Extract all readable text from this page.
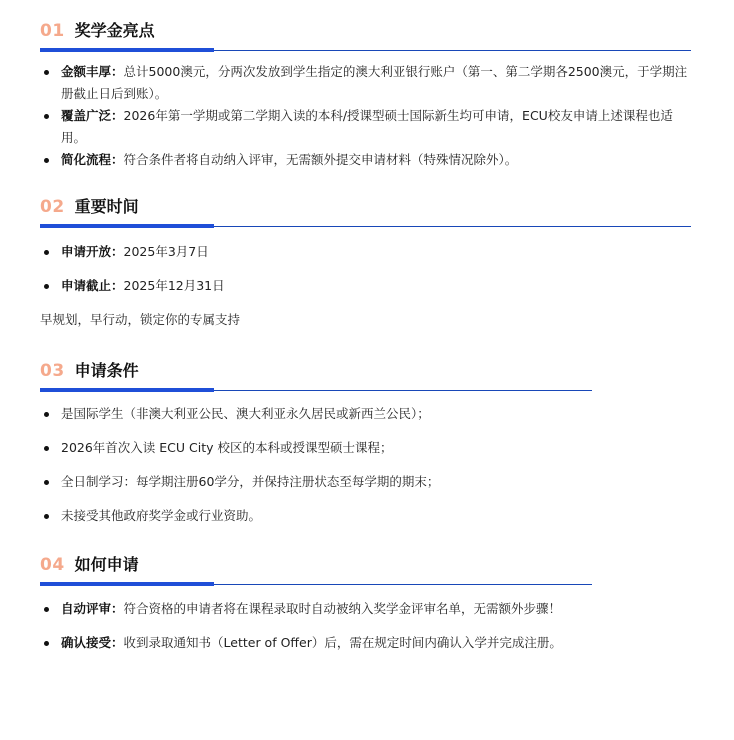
01 奖学金亮点
金额丰厚：总计5000澳元，分两次发放到学生指定的澳大利亚银行账户（第一、第二学期各2500澳元，于学期注册截止日后到账）。
覆盖广泛：2026年第一学期或第二学期入读的本科/授课型硕士国际新生均可申请，ECU校友申请上述课程也适用。
简化流程：符合条件者将自动纳入评审，无需额外提交申请材料（特殊情况除外）。
02 重要时间
申请开放：2025年3月7日
申请截止：2025年12月31日
早规划，早行动，锁定你的专属支持
03 申请条件
是国际学生（非澳大利亚公民、澳大利亚永久居民或新西兰公民）；
2026年首次入读 ECU City 校区的本科或授课型硕士课程；
全日制学习：每学期注册60学分，并保持注册状态至每学期的期末；
未接受其他政府奖学金或行业资助。
04 如何申请
自动评审：符合资格的申请者将在课程录取时自动被纳入奖学金评审名单，无需额外步骤！
确认接受：收到录取通知书（Letter of Offer）后，需在规定时间内确认入学并完成注册。
